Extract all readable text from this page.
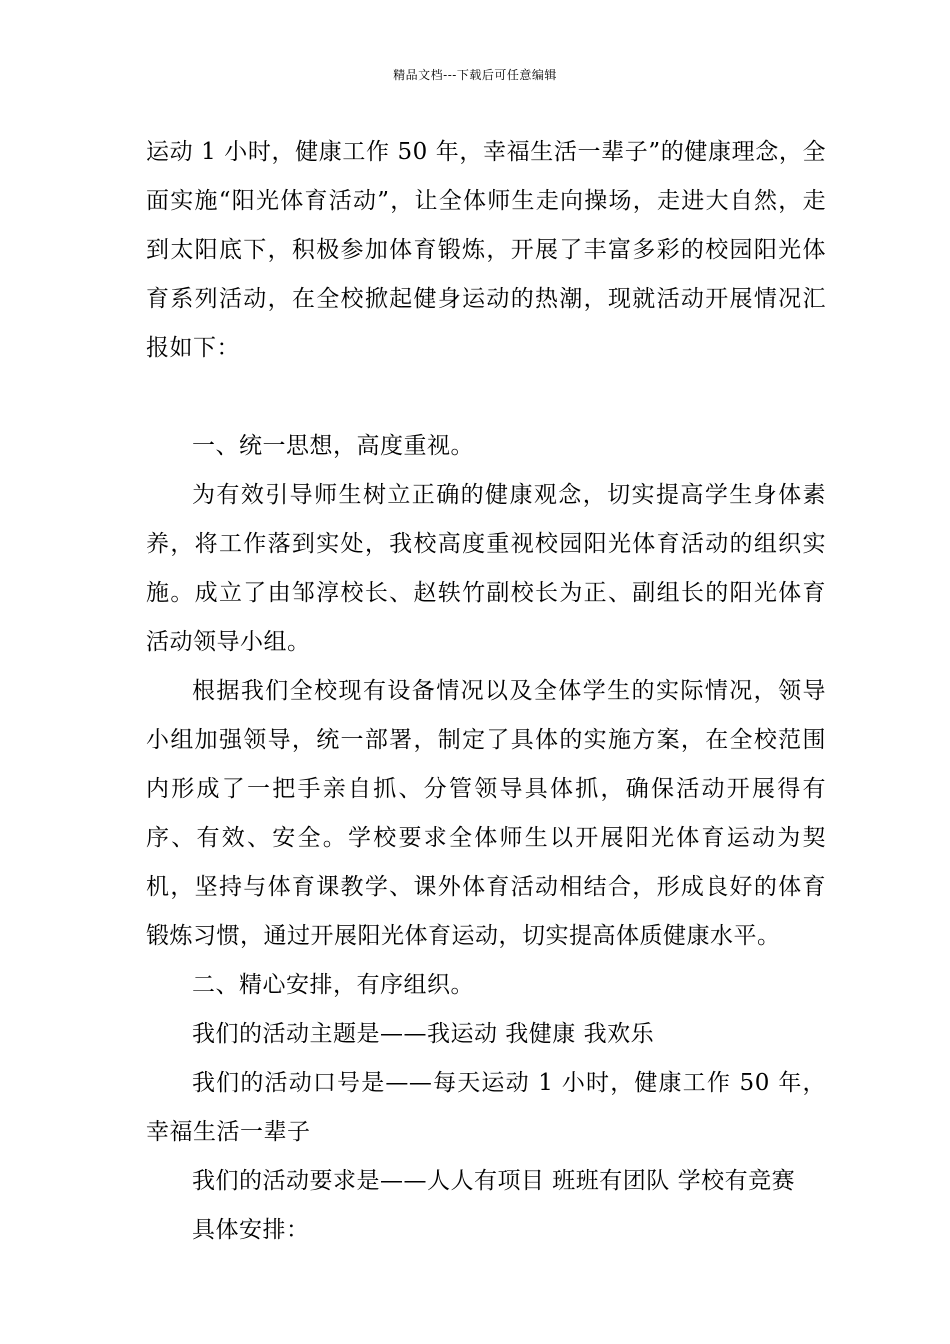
精品文档---下载后可任意编辑

运动 1 小时，健康工作 50 年，幸福生活一辈子”的健康理念，全面实施“阳光体育活动”，让全体师生走向操场，走进大自然，走到太阳底下，积极参加体育锻炼，开展了丰富多彩的校园阳光体育系列活动，在全校掀起健身运动的热潮，现就活动开展情况汇报如下：

一、统一思想，高度重视。

为有效引导师生树立正确的健康观念，切实提高学生身体素养，将工作落到实处，我校高度重视校园阳光体育活动的组织实施。成立了由邹淳校长、赵轶竹副校长为正、副组长的阳光体育活动领导小组。

根据我们全校现有设备情况以及全体学生的实际情况，领导小组加强领导，统一部署，制定了具体的实施方案，在全校范围内形成了一把手亲自抓、分管领导具体抓，确保活动开展得有序、有效、安全。学校要求全体师生以开展阳光体育运动为契机，坚持与体育课教学、课外体育活动相结合，形成良好的体育锻炼习惯，通过开展阳光体育运动，切实提高体质健康水平。

二、精心安排，有序组织。

我们的活动主题是——我运动 我健康 我欢乐

我们的活动口号是——每天运动 1 小时，健康工作 50 年，幸福生活一辈子

我们的活动要求是——人人有项目 班班有团队 学校有竞赛

具体安排：
